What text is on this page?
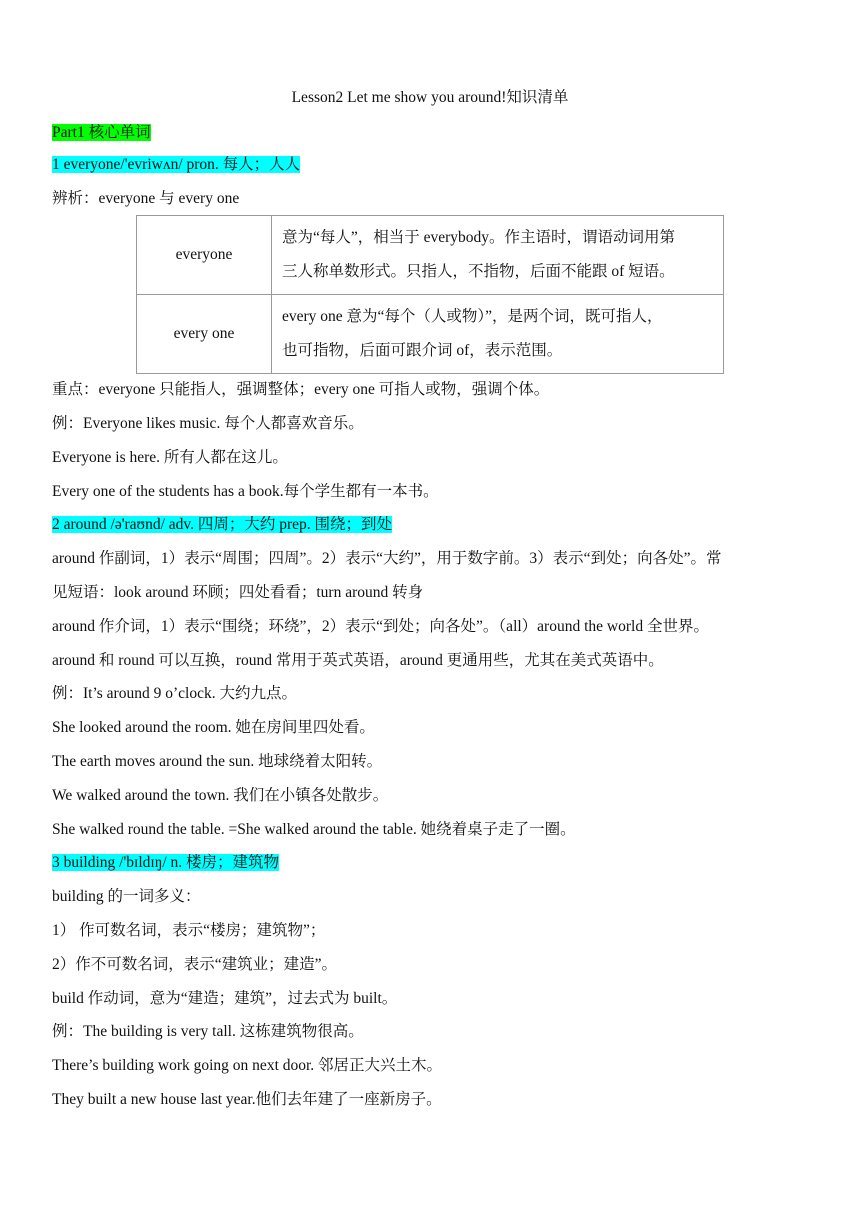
Lesson2 Let me show you around!知识清单
Part1 核心单词
1 everyone/'evriwʌn/ pron. 每人；人人
辨析：everyone 与 every one
everyone	意为“每人”，相当于 everybody。作主语时，谓语动词用第
三人称单数形式。只指人，不指物，后面不能跟 of 短语。

every one	every one 意为“每个（人或物）”，是两个词，既可指人，
也可指物，后面可跟介词 of，表示范围。
重点：everyone 只能指人，强调整体；every one 可指人或物，强调个体。
例：Everyone likes music. 每个人都喜欢音乐。
Everyone is here. 所有人都在这儿。
Every one of the students has a book.每个学生都有一本书。
2 around /ə'raʊnd/ adv. 四周；大约 prep. 围绕；到处
around 作副词，1）表示“周围；四周”。2）表示“大约”，用于数字前。3）表示“到处；向各处”。常
见短语：look around 环顾；四处看看；turn around 转身
around 作介词，1）表示“围绕；环绕”，2）表示“到处；向各处”。（all）around the world 全世界。
around 和 round 可以互换，round 常用于英式英语，around 更通用些，尤其在美式英语中。
例：It’s around 9 o’clock. 大约九点。
She looked around the room. 她在房间里四处看。
The earth moves around the sun. 地球绕着太阳转。
We walked around the town. 我们在小镇各处散步。
She walked round the table. =She walked around the table. 她绕着桌子走了一圈。
3 building /'bɪldɪŋ/ n. 楼房；建筑物
building 的一词多义：
1） 作可数名词，表示“楼房；建筑物”；
2）作不可数名词，表示“建筑业；建造”。
build 作动词，意为“建造；建筑”，过去式为 built。
例：The building is very tall. 这栋建筑物很高。
There’s building work going on next door. 邻居正大兴土木。
They built a new house last year.他们去年建了一座新房子。
